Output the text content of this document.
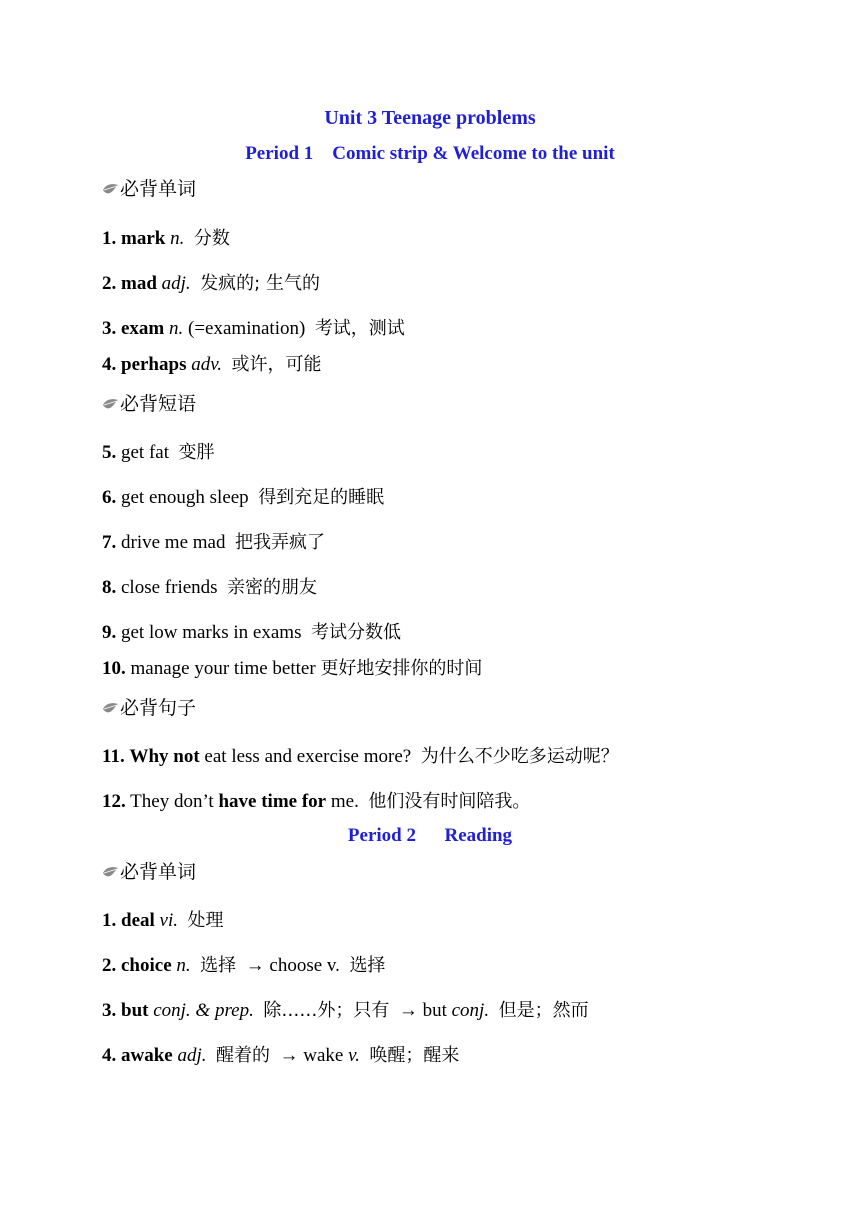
Unit 3 Teenage problems
Period 1    Comic strip & Welcome to the unit
必背单词
1. mark n. 分数
2. mad adj. 发疯的; 生气的
3. exam n. (=examination) 考试，测试
4. perhaps adv. 或许，可能
必背短语
5. get fat 变胖
6. get enough sleep 得到充足的睡眠
7. drive me mad 把我弄疯了
8. close friends 亲密的朋友
9. get low marks in exams 考试分数低
10. manage your time better 更好地安排你的时间
必背句子
11. Why not eat less and exercise more? 为什么不少吃多运动呢？
12. They don’t have time for me. 他们没有时间陪我。
Period 2      Reading
必背单词
1. deal vi. 处理
2. choice n. 选择 → choose v. 选择
3. but conj. & prep. 除……外；只有 → but conj. 但是；然而
4. awake adj. 醒着的 → wake v. 唤醒；醒来
